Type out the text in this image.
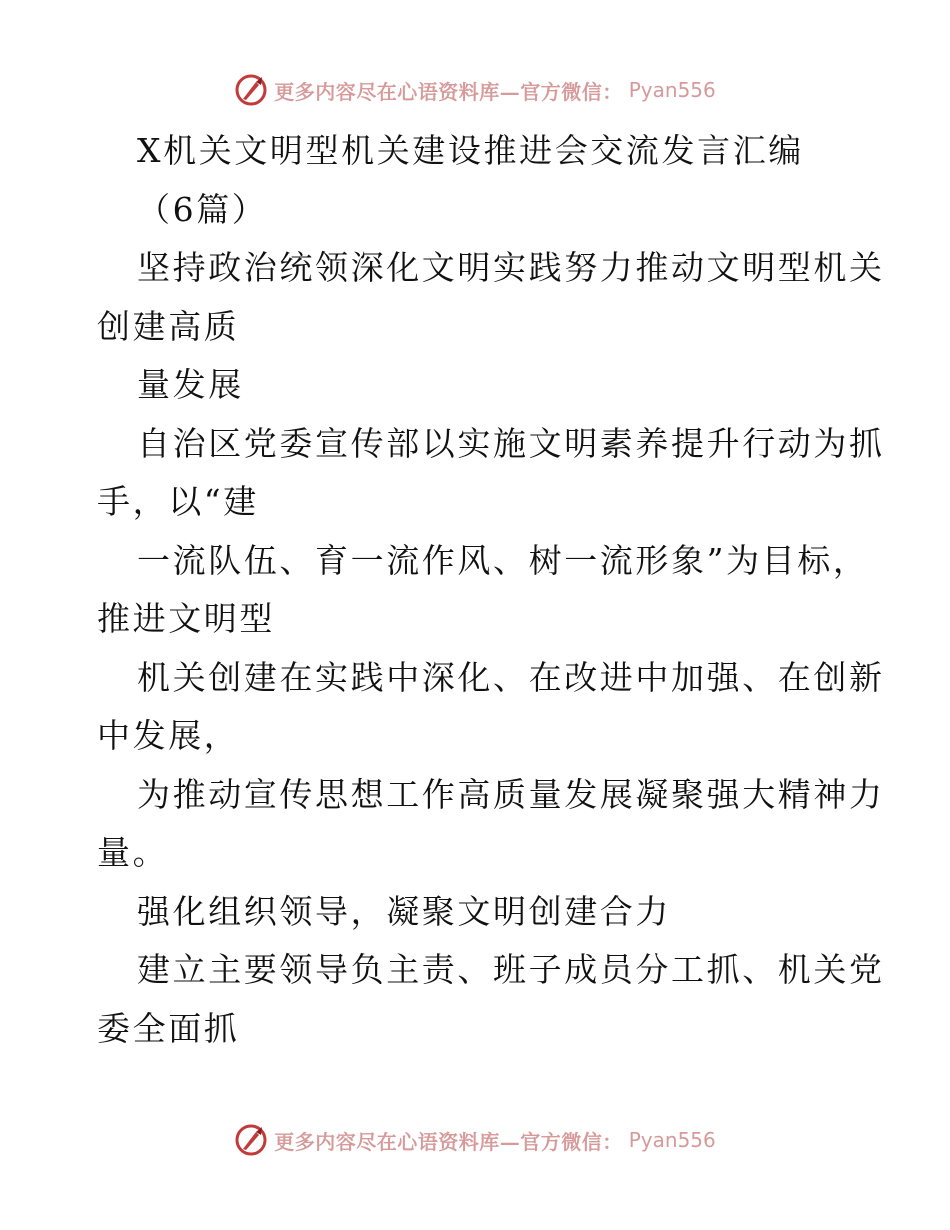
更多内容尽在心语资料库—官方微信： Pyan556
X机关文明型机关建设推进会交流发言汇编
（6篇）
坚持政治统领深化文明实践努力推动文明型机关
创建高质
量发展
自治区党委宣传部以实施文明素养提升行动为抓
手，以“建
一流队伍、育一流作风、树一流形象”为目标，
推进文明型
机关创建在实践中深化、在改进中加强、在创新
中发展，
为推动宣传思想工作高质量发展凝聚强大精神力
量。
强化组织领导，凝聚文明创建合力
建立主要领导负主责、班子成员分工抓、机关党
委全面抓
更多内容尽在心语资料库—官方微信： Pyan556
